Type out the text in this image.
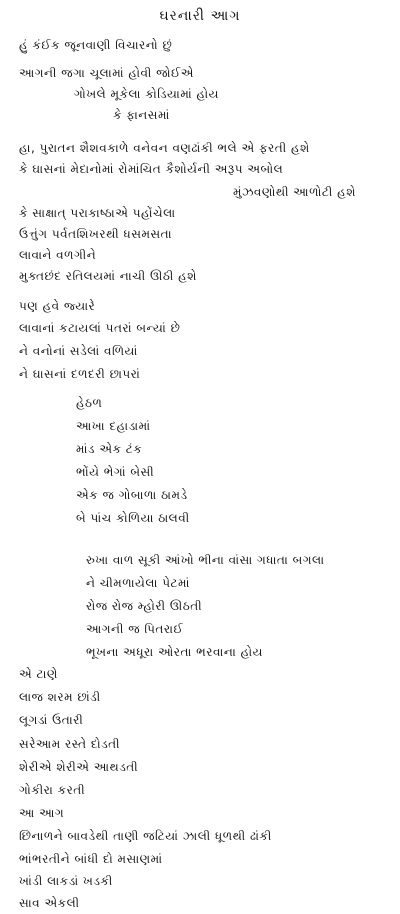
ઘરનારી આગ
હું કંઈક જૂનવાણી વિચારનો છું
આગની જગા ચૂલામાં હોવી જોઈએ
ગોખલે મૂકેલા કોડિયામાં હોય
કે ફાનસમાં
હા, પુરાતન શૈશવકાળે વનેવન વણઢાંકી ભલે એ ફરતી હશે
કે ઘાસનાં મેદાનોમાં રોમાંચિત કૈશોર્યની અરૂપ અબોલ
મુંઝવણોથી આળોટી હશે
કે સાક્ષાત્ પરાકાષ્ઠાએ પહોંચેલા
ઉત્તુંગ પર્વતશિખરથી ધસમસતા
લાવાને વળગીને
મુક્તછંદ રતિલયમાં નાચી ઊઠી હશે
પણ હવે જ્યારે
લાવાનાં કટાયલાં પતરાં બન્યાં છે
ને વનોનાં સડેલાં વળિયાં
ને ઘાસનાં દળદરી છાપરાં
હેઠળ
આખા દહાડામાં
માંડ એક ટંક
ભોંયે ભેગાં બેસી
એક જ ગોબાળા ઠામડે
બે પાંચ કોળિયા ઠાલવી
રુખા વાળ સૂકી આંખો ભીના વાંસા ગધાતા બગલા
ને ચીમળાયેલા પેટમાં
રોજ રોજ મ્હોરી ઊઠતી
આગની જ પિતરાઈ
ભૂખના અધૂરા ઓરતા ભરવાના હોય
એ ટાણે
લાજ શરમ છાંડી
લૂગડાં ઉતારી
સરેઆમ રસ્તે દોડતી
શેરીએ શેરીએ આથડતી
ગોકીરા કરતી
આ આગ
છિનાળને બાવડેથી તાણી જટિયાં ઝાલી ધૂળથી ઢાંકી
ભાંભરતીને બાંધી દો મસાણમાં
ખાંડી લાકડાં ખડકી
સાવ એકલી
